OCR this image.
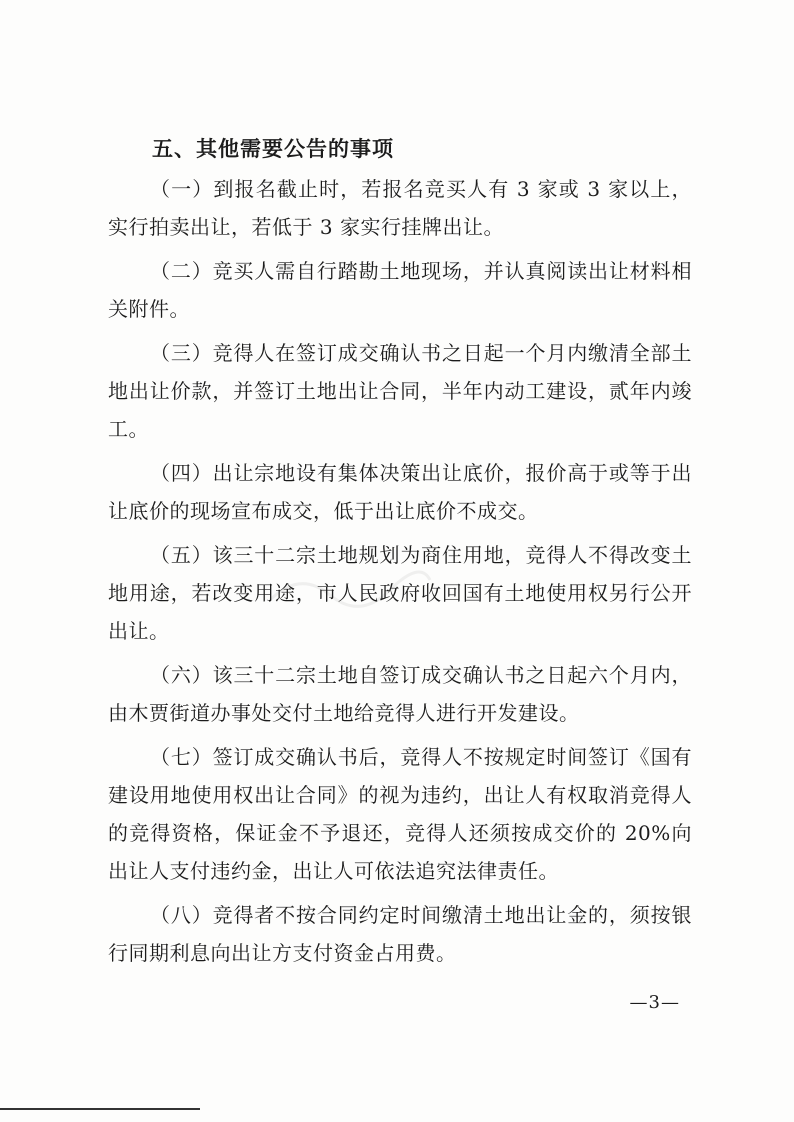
五、其他需要公告的事项

（一）到报名截止时，若报名竞买人有 3 家或 3 家以上，实行拍卖出让，若低于 3 家实行挂牌出让。

（二）竞买人需自行踏勘土地现场，并认真阅读出让材料相关附件。

（三）竞得人在签订成交确认书之日起一个月内缴清全部土地出让价款，并签订土地出让合同，半年内动工建设，贰年内竣工。

（四）出让宗地设有集体决策出让底价，报价高于或等于出让底价的现场宣布成交，低于出让底价不成交。

（五）该三十二宗土地规划为商住用地，竞得人不得改变土地用途，若改变用途，市人民政府收回国有土地使用权另行公开出让。

（六）该三十二宗土地自签订成交确认书之日起六个月内，由木贾街道办事处交付土地给竞得人进行开发建设。

（七）签订成交确认书后，竞得人不按规定时间签订《国有建设用地使用权出让合同》的视为违约，出让人有权取消竞得人的竞得资格，保证金不予退还，竞得人还须按成交价的 20%向出让人支付违约金，出让人可依法追究法律责任。

（八）竞得者不按合同约定时间缴清土地出让金的，须按银行同期利息向出让方支付资金占用费。

—3—
